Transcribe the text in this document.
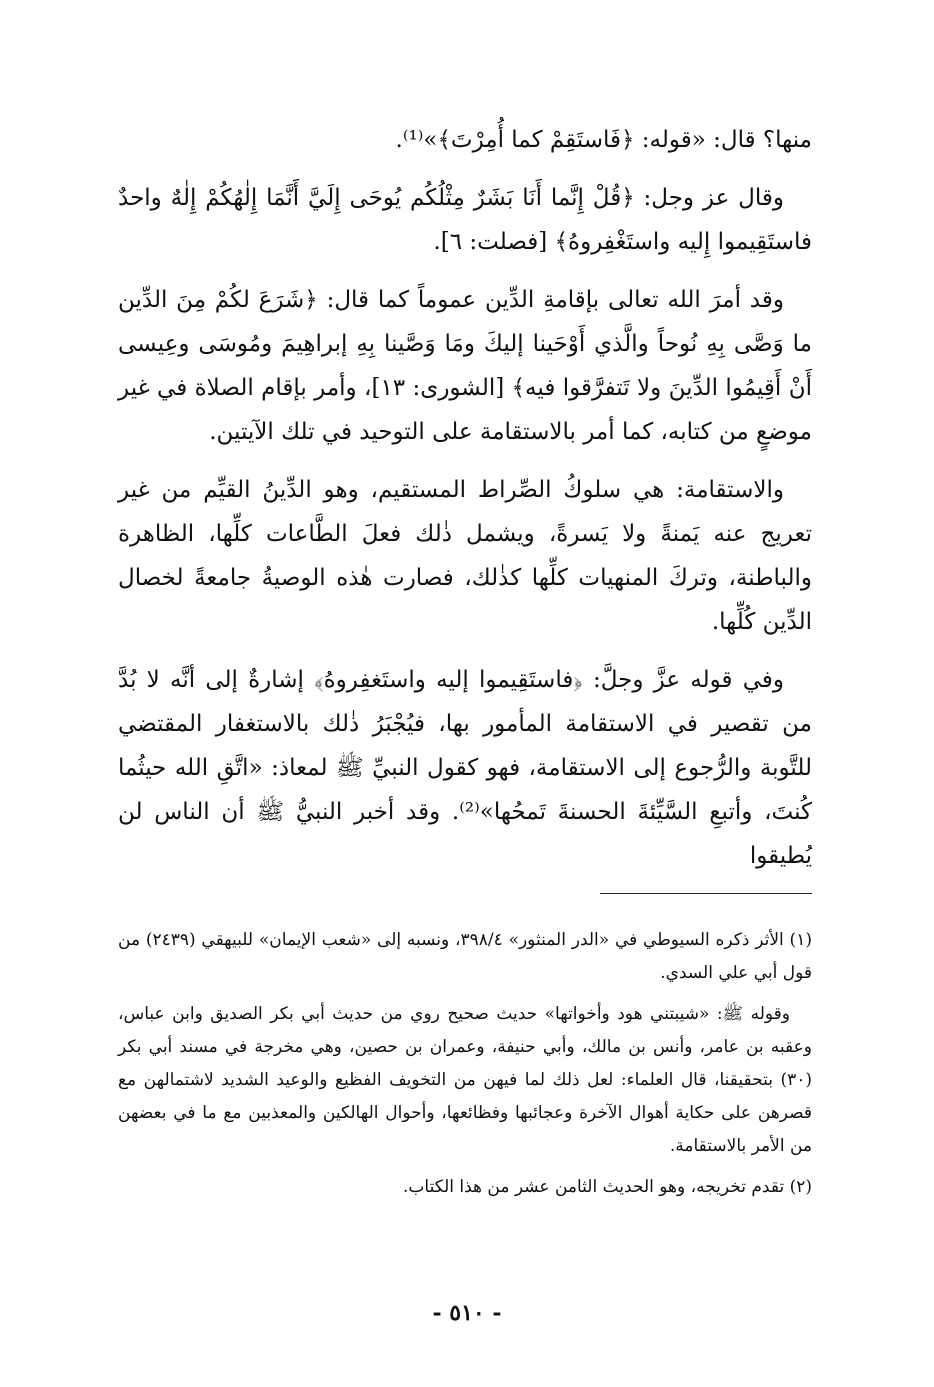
منها؟ قال: «قوله: ﴿فَاستَقِمْ كما أُمِرْتَ﴾»⁽¹⁾.

وقال عز وجل: ﴿قُلْ إِنَّما أَنَا بَشَرٌ مِثْلُكُم يُوحَى إِلَيَّ أَنَّمَا إِلٰهُكُمْ إِلٰهٌ واحدٌ فاستَقِيموا إِليه واستَغْفِروهُ﴾ [فصلت: ٦].

وقد أمرَ الله تعالى بإقامةِ الدِّين عموماً كما قال: ﴿شَرَعَ لكُمْ مِنَ الدِّين ما وَصَّى بِهِ نُوحاً والَّذي أَوْحَينا إليكَ ومَا وَصَّينا بِهِ إبراهِيمَ ومُوسَى وعِيسى أَنْ أَقِيمُوا الدِّينَ ولا تَتفرَّقوا فيه﴾ [الشورى: ١٣]، وأمر بإقام الصلاة في غير موضعٍ من كتابه، كما أمر بالاستقامة على التوحيد في تلك الآيتين.

والاستقامة: هي سلوكُ الصِّراط المستقيم، وهو الدِّينُ القيِّم من غير تعريج عنه يَمنةً ولا يَسرةً، ويشمل ذٰلك فعلَ الطَّاعات كلِّها، الظاهرة والباطنة، وتركَ المنهيات كلِّها كذٰلك، فصارت هٰذه الوصيةُ جامعةً لخصال الدِّين كُلِّها.

وفي قوله عزَّ وجلَّ: ﴿فاستَقِيموا إليه واستَغفِروهُ﴾ إشارةٌ إلى أنَّه لا بُدَّ من تقصير في الاستقامة المأمور بها، فيُجْبَرُ ذٰلك بالاستغفار المقتضي للتَّوبة والرُّجوع إلى الاستقامة، فهو كقول النبيِّ ﷺ لمعاذ: «اتَّقِ الله حيثُما كُنتَ، وأتبعِ السَّيِّئةَ الحسنةَ تَمحُها»⁽²⁾. وقد أخبر النبيُّ ﷺ أن الناس لن يُطيقوا

(١) الأثر ذكره السيوطي في «الدر المنثور» ٣٩٨/٤، ونسبه إلى «شعب الإيمان» للبيهقي (٢٤٣٩) من قول أبي علي السدي.

وقوله ﷺ: «شيبتني هود وأخواتها» حديث صحيح روي من حديث أبي بكر الصديق وابن عباس، وعقبه بن عامر، وأنس بن مالك، وأبي حنيفة، وعمران بن حصين، وهي مخرجة في مسند أبي بكر (٣٠) بتحقيقنا، قال العلماء: لعل ذلك لما فيهن من التخويف الفظيع والوعيد الشديد لاشتمالهن مع قصرهن على حكاية أهوال الآخرة وعجائبها وفظائعها، وأحوال الهالكين والمعذبين مع ما في بعضهن من الأمر بالاستقامة.

(٢) تقدم تخريجه، وهو الحديث الثامن عشر من هذا الكتاب.

- ٥١٠ -
